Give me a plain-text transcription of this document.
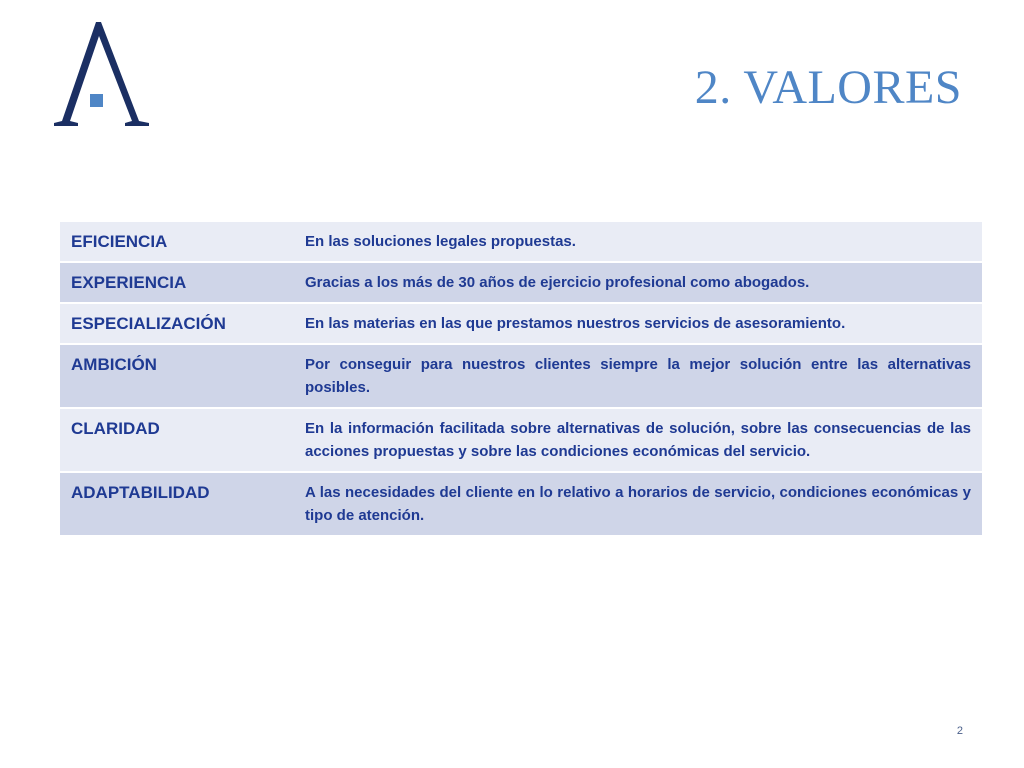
2. VALORES
EFICIENCIA	En las soluciones legales propuestas.
EXPERIENCIA	Gracias a los más de 30 años de ejercicio profesional como abogados.
ESPECIALIZACIÓN	En las materias en las que prestamos nuestros servicios de asesoramiento.
AMBICIÓN	Por conseguir para nuestros clientes siempre la mejor solución entre las alternativas posibles.
CLARIDAD	En la información facilitada sobre alternativas de solución, sobre las consecuencias de las acciones propuestas y sobre las condiciones económicas del servicio.
ADAPTABILIDAD	A las necesidades del cliente en lo relativo a horarios de servicio, condiciones económicas y tipo de atención.
2
